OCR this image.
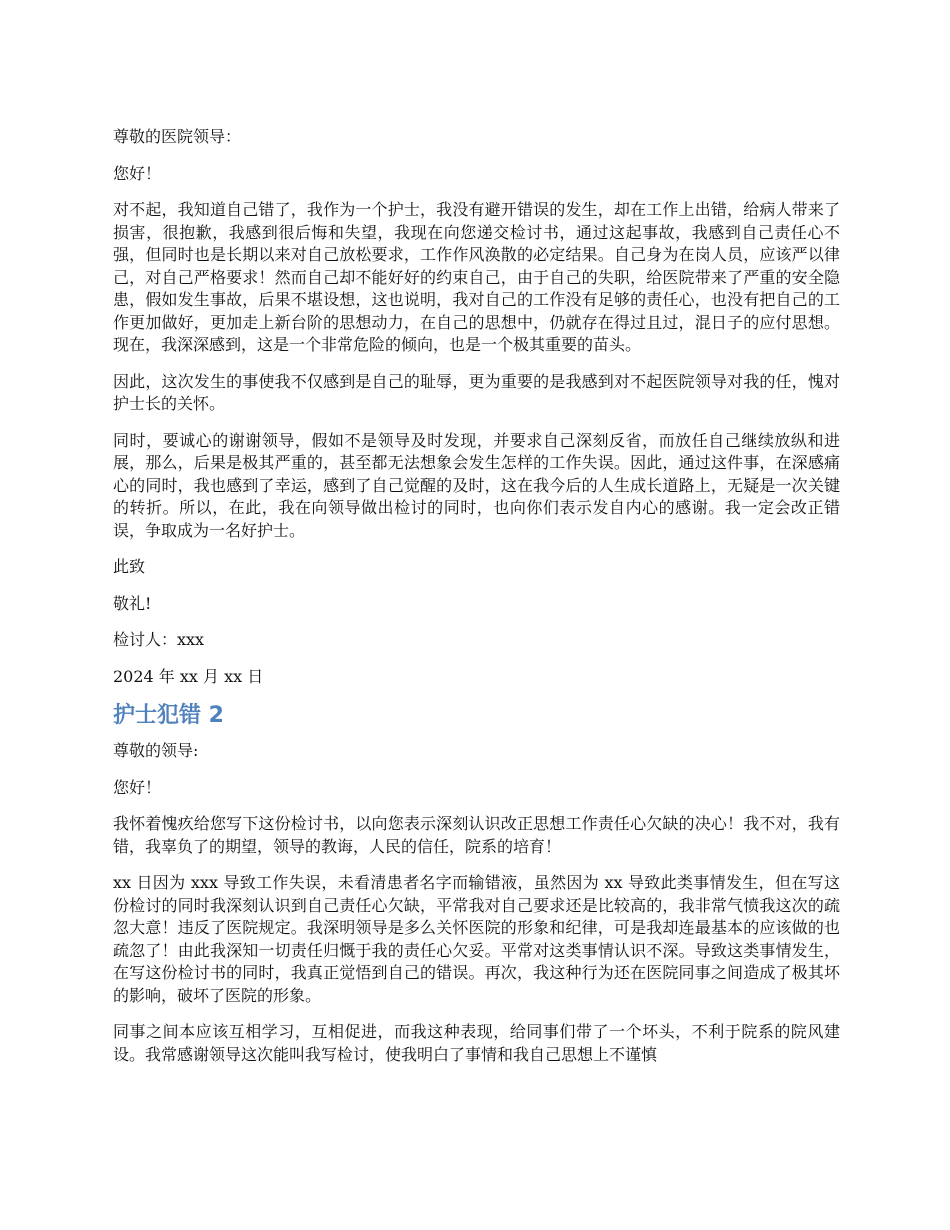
尊敬的医院领导：

您好！

对不起，我知道自己错了，我作为一个护士，我没有避开错误的发生，却在工作上出错，给病人带来了损害，很抱歉，我感到很后悔和失望，我现在向您递交检讨书，通过这起事故，我感到自己责任心不强，但同时也是长期以来对自己放松要求，工作作风涣散的必定结果。自己身为在岗人员，应该严以律己，对自己严格要求！然而自己却不能好好的约束自己，由于自己的失职，给医院带来了严重的安全隐患，假如发生事故，后果不堪设想，这也说明，我对自己的工作没有足够的责任心，也没有把自己的工作更加做好，更加走上新台阶的思想动力，在自己的思想中，仍就存在得过且过，混日子的应付思想。现在，我深深感到，这是一个非常危险的倾向，也是一个极其重要的苗头。

因此，这次发生的事使我不仅感到是自己的耻辱，更为重要的是我感到对不起医院领导对我的任，愧对护士长的关怀。

同时，要诚心的谢谢领导，假如不是领导及时发现，并要求自己深刻反省，而放任自己继续放纵和进展，那么，后果是极其严重的，甚至都无法想象会发生怎样的工作失误。因此，通过这件事，在深感痛心的同时，我也感到了幸运，感到了自己觉醒的及时，这在我今后的人生成长道路上，无疑是一次关键的转折。所以，在此，我在向领导做出检讨的同时，也向你们表示发自内心的感谢。我一定会改正错误，争取成为一名好护士。

此致

敬礼!

检讨人：xxx

2024 年 xx 月 xx 日

护士犯错 2

尊敬的领导:

您好！

我怀着愧疚给您写下这份检讨书，以向您表示深刻认识改正思想工作责任心欠缺的决心！我不对，我有错，我辜负了的期望，领导的教诲，人民的信任，院系的培育！

xx 日因为 xxx 导致工作失误，未看清患者名字而输错液，虽然因为 xx 导致此类事情发生，但在写这份检讨的同时我深刻认识到自己责任心欠缺，平常我对自己要求还是比较高的，我非常气愤我这次的疏忽大意！违反了医院规定。我深明领导是多么关怀医院的形象和纪律，可是我却连最基本的应该做的也疏忽了！由此我深知一切责任归慨于我的责任心欠妥。平常对这类事情认识不深。导致这类事情发生，在写这份检讨书的同时，我真正觉悟到自己的错误。再次，我这种行为还在医院同事之间造成了极其坏的影响，破坏了医院的形象。

同事之间本应该互相学习，互相促进，而我这种表现，给同事们带了一个坏头，不利于院系的院风建设。我常感谢领导这次能叫我写检讨，使我明白了事情和我自己思想上不谨慎
